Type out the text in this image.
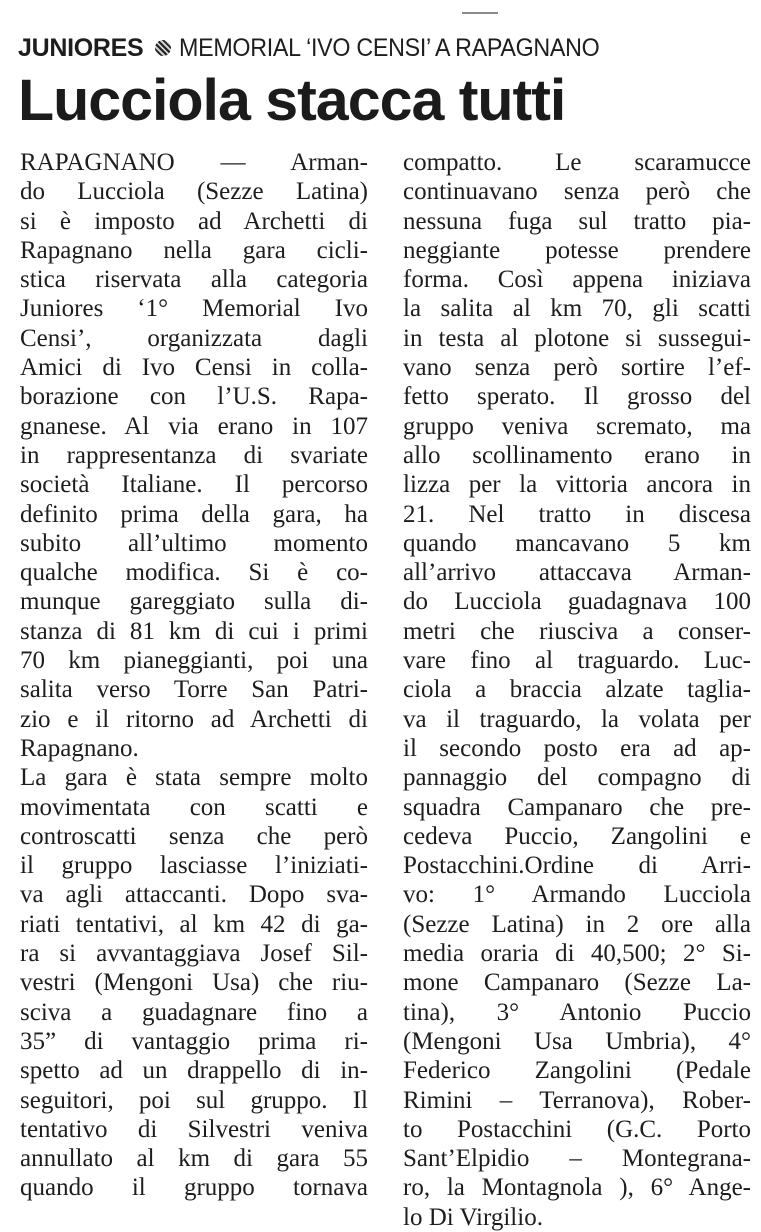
JUNIORES MEMORIAL ‘IVO CENSI’ A RAPAGNANO
Lucciola stacca tutti
RAPAGNANO — Arman-
do Lucciola (Sezze Latina)
si è imposto ad Archetti di
Rapagnano nella gara cicli-
stica riservata alla categoria
Juniores ‘1° Memorial Ivo
Censi’, organizzata dagli
Amici di Ivo Censi in colla-
borazione con l’U.S. Rapa-
gnanese. Al via erano in 107
in rappresentanza di svariate
società Italiane. Il percorso
definito prima della gara, ha
subito all’ultimo momento
qualche modifica. Si è co-
munque gareggiato sulla di-
stanza di 81 km di cui i primi
70 km pianeggianti, poi una
salita verso Torre San Patri-
zio e il ritorno ad Archetti di
Rapagnano.
La gara è stata sempre molto
movimentata con scatti e
controscatti senza che però
il gruppo lasciasse l’iniziati-
va agli attaccanti. Dopo sva-
riati tentativi, al km 42 di ga-
ra si avvantaggiava Josef Sil-
vestri (Mengoni Usa) che riu-
sciva a guadagnare fino a
35” di vantaggio prima ri-
spetto ad un drappello di in-
seguitori, poi sul gruppo. Il
tentativo di Silvestri veniva
annullato al km di gara 55
quando il gruppo tornava
compatto. Le scaramucce
continuavano senza però che
nessuna fuga sul tratto pia-
neggiante potesse prendere
forma. Così appena iniziava
la salita al km 70, gli scatti
in testa al plotone si sussegui-
vano senza però sortire l’ef-
fetto sperato. Il grosso del
gruppo veniva scremato, ma
allo scollinamento erano in
lizza per la vittoria ancora in
21. Nel tratto in discesa
quando mancavano 5 km
all’arrivo attaccava Arman-
do Lucciola guadagnava 100
metri che riusciva a conser-
vare fino al traguardo. Luc-
ciola a braccia alzate taglia-
va il traguardo, la volata per
il secondo posto era ad ap-
pannaggio del compagno di
squadra Campanaro che pre-
cedeva Puccio, Zangolini e
Postacchini.Ordine di Arri-
vo: 1° Armando Lucciola
(Sezze Latina) in 2 ore alla
media oraria di 40,500; 2° Si-
mone Campanaro (Sezze La-
tina), 3° Antonio Puccio
(Mengoni Usa Umbria), 4°
Federico Zangolini (Pedale
Rimini – Terranova), Rober-
to Postacchini (G.C. Porto
Sant’Elpidio – Montegrana-
ro, la Montagnola ), 6° Ange-
lo Di Virgilio.
